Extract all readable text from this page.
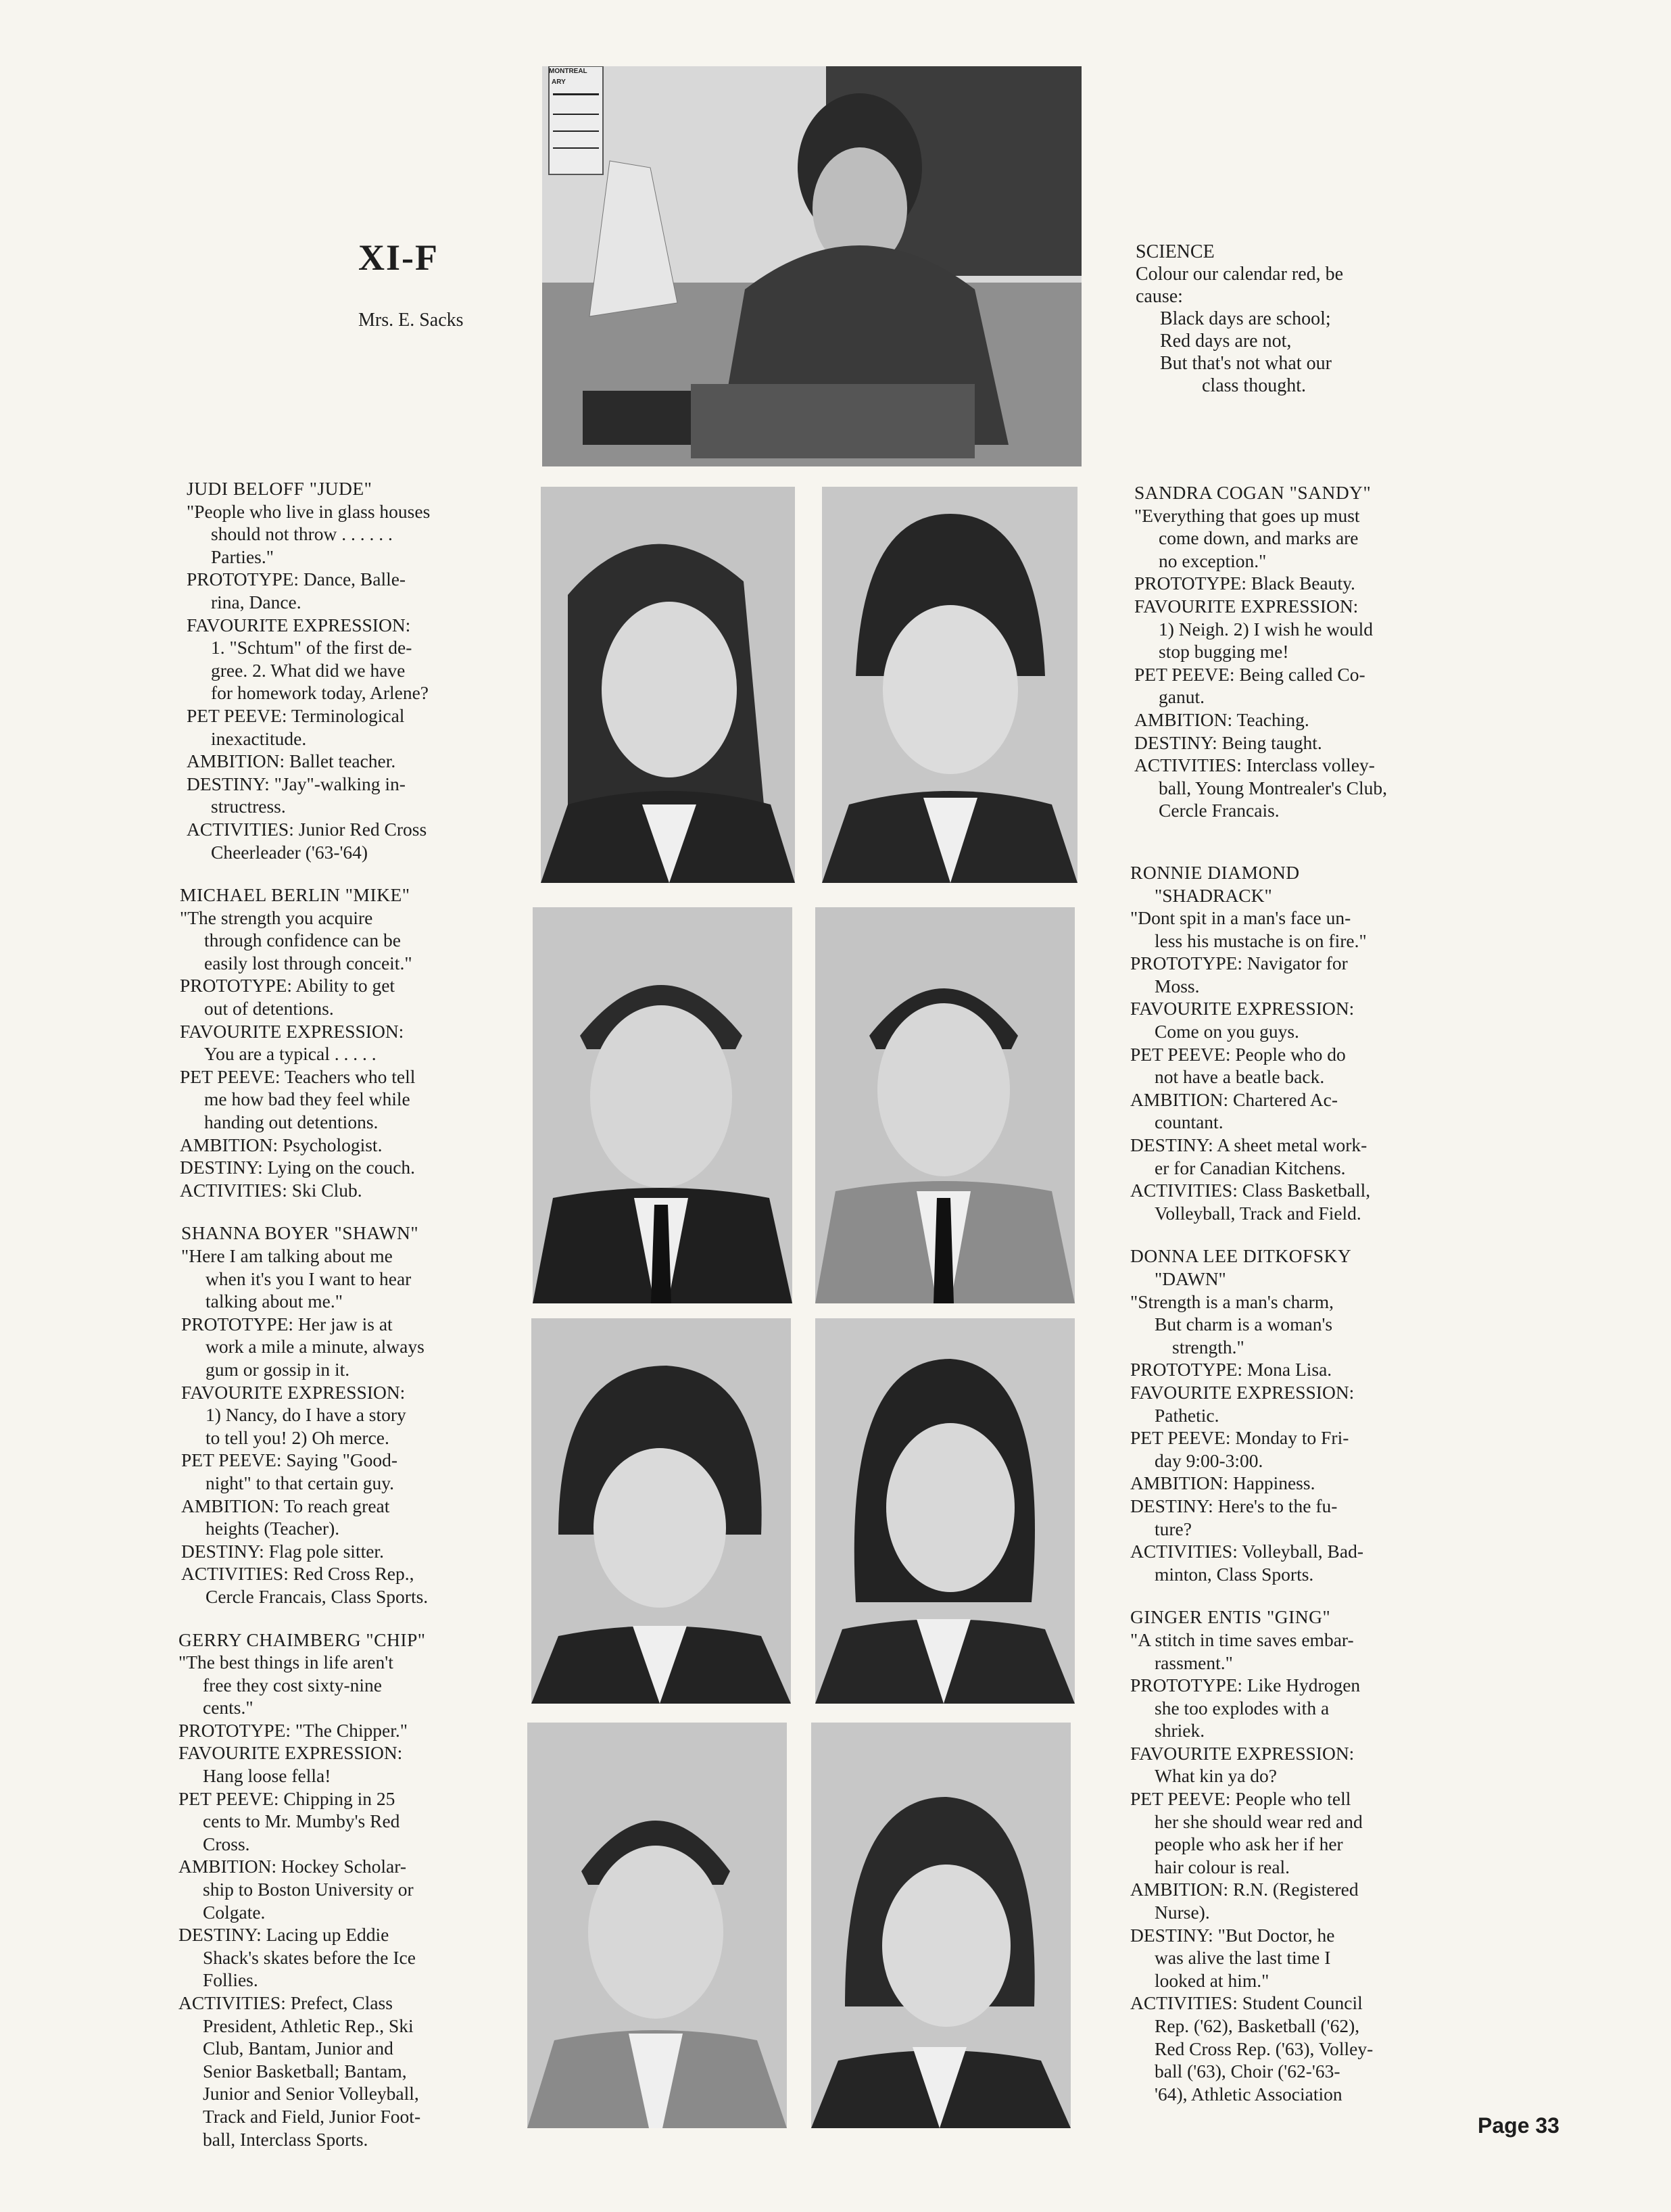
XI-F
Mrs. E. Sacks
MONTREAL
ARY

SCIENCE

Colour our calendar red, be

cause:

Black days are school;

Red days are not,

But that's not what our

class thought.

JUDI BELOFF "JUDE"

"People who live in glass houses

should not throw . . . . . .

Parties."

PROTOTYPE: Dance, Balle-

rina, Dance.

FAVOURITE EXPRESSION:

1. "Schtum" of the first de-

gree. 2. What did we have

for homework today, Arlene?

PET PEEVE: Terminological

inexactitude.

AMBITION: Ballet teacher.

DESTINY: "Jay"-walking in-

structress.

ACTIVITIES: Junior Red Cross

Cheerleader ('63-'64)

MICHAEL BERLIN "MIKE"

"The strength you acquire

through confidence can be

easily lost through conceit."

PROTOTYPE: Ability to get

out of detentions.

FAVOURITE EXPRESSION:

You are a typical . . . . .

PET PEEVE: Teachers who tell

me how bad they feel while

handing out detentions.

AMBITION: Psychologist.

DESTINY: Lying on the couch.

ACTIVITIES: Ski Club.

SHANNA BOYER "SHAWN"

"Here I am talking about me

when it's you I want to hear

talking about me."

PROTOTYPE: Her jaw is at

work a mile a minute, always

gum or gossip in it.

FAVOURITE EXPRESSION:

1) Nancy, do I have a story

to tell you! 2) Oh merce.

PET PEEVE: Saying "Good-

night" to that certain guy.

AMBITION: To reach great

heights (Teacher).

DESTINY: Flag pole sitter.

ACTIVITIES: Red Cross Rep.,

Cercle Francais, Class Sports.

GERRY CHAIMBERG "CHIP"

"The best things in life aren't

free they cost sixty-nine

cents."

PROTOTYPE: "The Chipper."

FAVOURITE EXPRESSION:

Hang loose fella!

PET PEEVE: Chipping in 25

cents to Mr. Mumby's Red

Cross.

AMBITION: Hockey Scholar-

ship to Boston University or

Colgate.

DESTINY: Lacing up Eddie

Shack's skates before the Ice

Follies.

ACTIVITIES: Prefect, Class

President, Athletic Rep., Ski

Club, Bantam, Junior and

Senior Basketball; Bantam,

Junior and Senior Volleyball,

Track and Field, Junior Foot-

ball, Interclass Sports.

SANDRA COGAN "SANDY"

"Everything that goes up must

come down, and marks are

no exception."

PROTOTYPE: Black Beauty.

FAVOURITE EXPRESSION:

1) Neigh. 2) I wish he would

stop bugging me!

PET PEEVE: Being called Co-

ganut.

AMBITION: Teaching.

DESTINY: Being taught.

ACTIVITIES: Interclass volley-

ball, Young Montrealer's Club,

Cercle Francais.

RONNIE DIAMOND

"SHADRACK"

"Dont spit in a man's face un-

less his mustache is on fire."

PROTOTYPE: Navigator for

Moss.

FAVOURITE EXPRESSION:

Come on you guys.

PET PEEVE: People who do

not have a beatle back.

AMBITION: Chartered Ac-

countant.

DESTINY: A sheet metal work-

er for Canadian Kitchens.

ACTIVITIES: Class Basketball,

Volleyball, Track and Field.

DONNA LEE DITKOFSKY

"DAWN"

"Strength is a man's charm,

But charm is a woman's

strength."

PROTOTYPE: Mona Lisa.

FAVOURITE EXPRESSION:

Pathetic.

PET PEEVE: Monday to Fri-

day 9:00-3:00.

AMBITION: Happiness.

DESTINY: Here's to the fu-

ture?

ACTIVITIES: Volleyball, Bad-

minton, Class Sports.

GINGER ENTIS "GING"

"A stitch in time saves embar-

rassment."

PROTOTYPE: Like Hydrogen

she too explodes with a

shriek.

FAVOURITE EXPRESSION:

What kin ya do?

PET PEEVE: People who tell

her she should wear red and

people who ask her if her

hair colour is real.

AMBITION: R.N. (Registered

Nurse).

DESTINY: "But Doctor, he

was alive the last time I

looked at him."

ACTIVITIES: Student Council

Rep. ('62), Basketball ('62),

Red Cross Rep. ('63), Volley-

ball ('63), Choir ('62-'63-

'64), Athletic Association

Page 33
